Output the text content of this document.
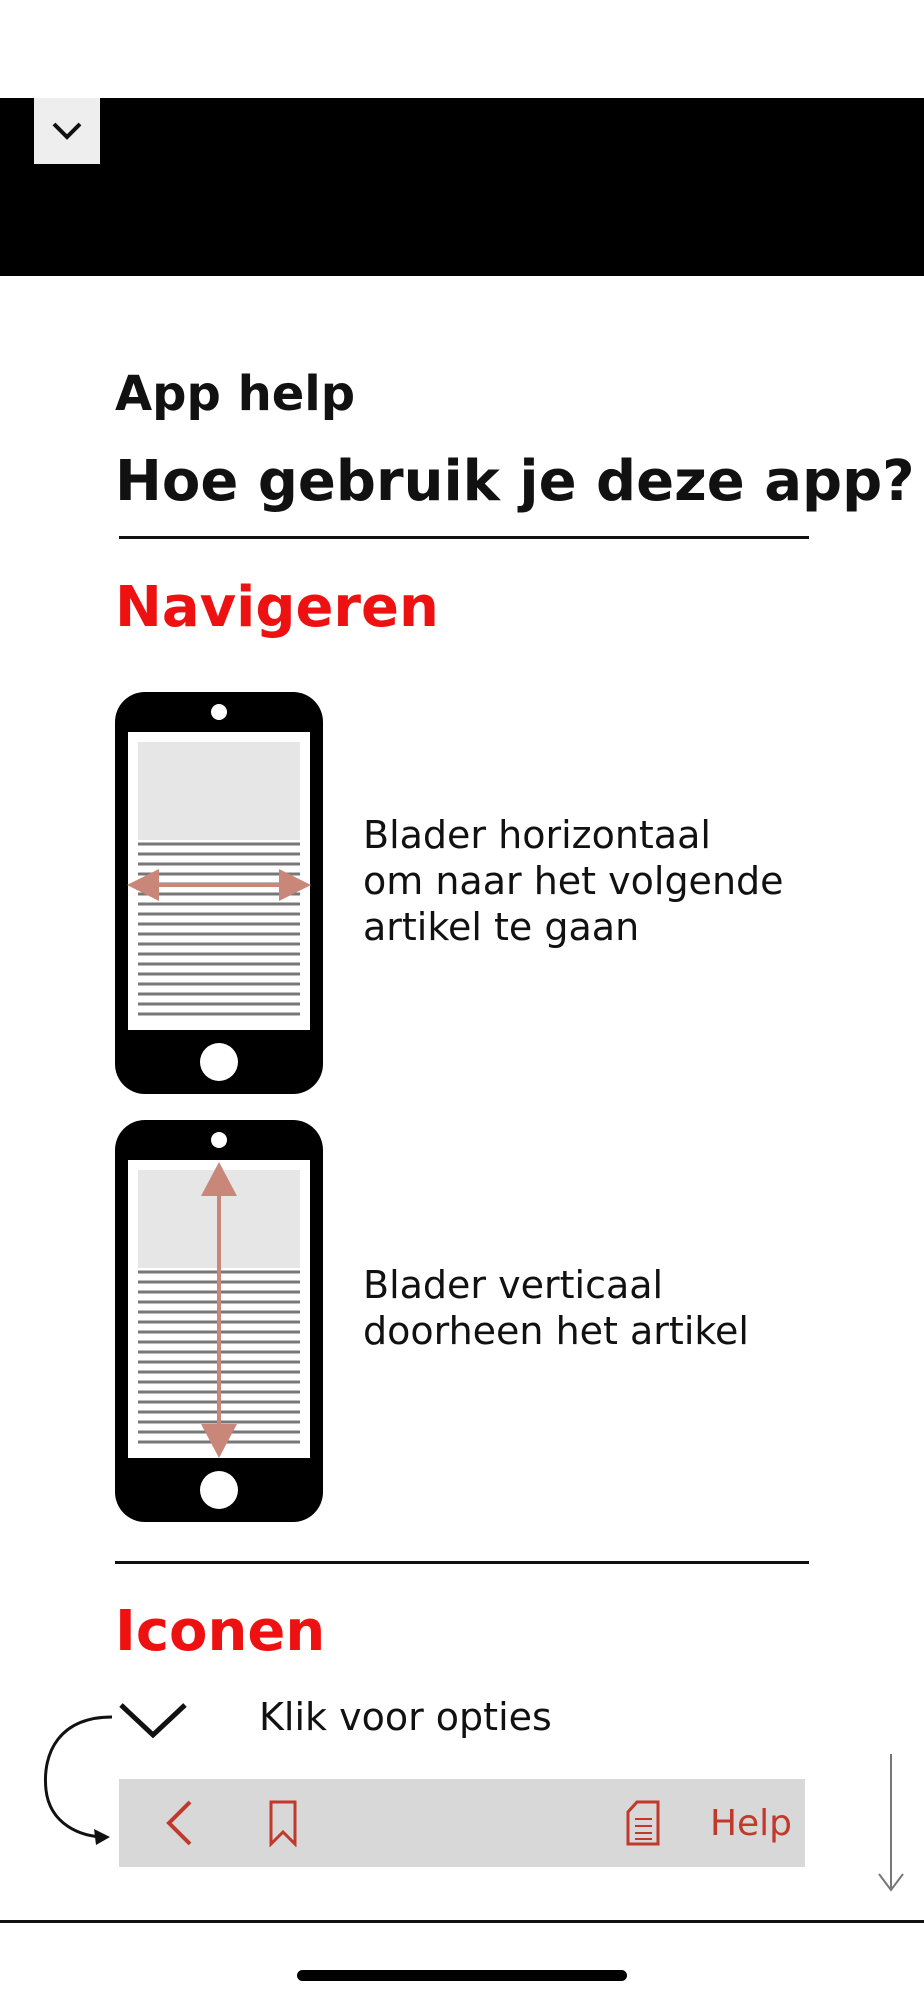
App help
Hoe gebruik je deze app?
Navigeren
Blader horizontaal
om naar het volgende
artikel te gaan
Blader verticaal
doorheen het artikel
Iconen
Klik voor opties
Help
